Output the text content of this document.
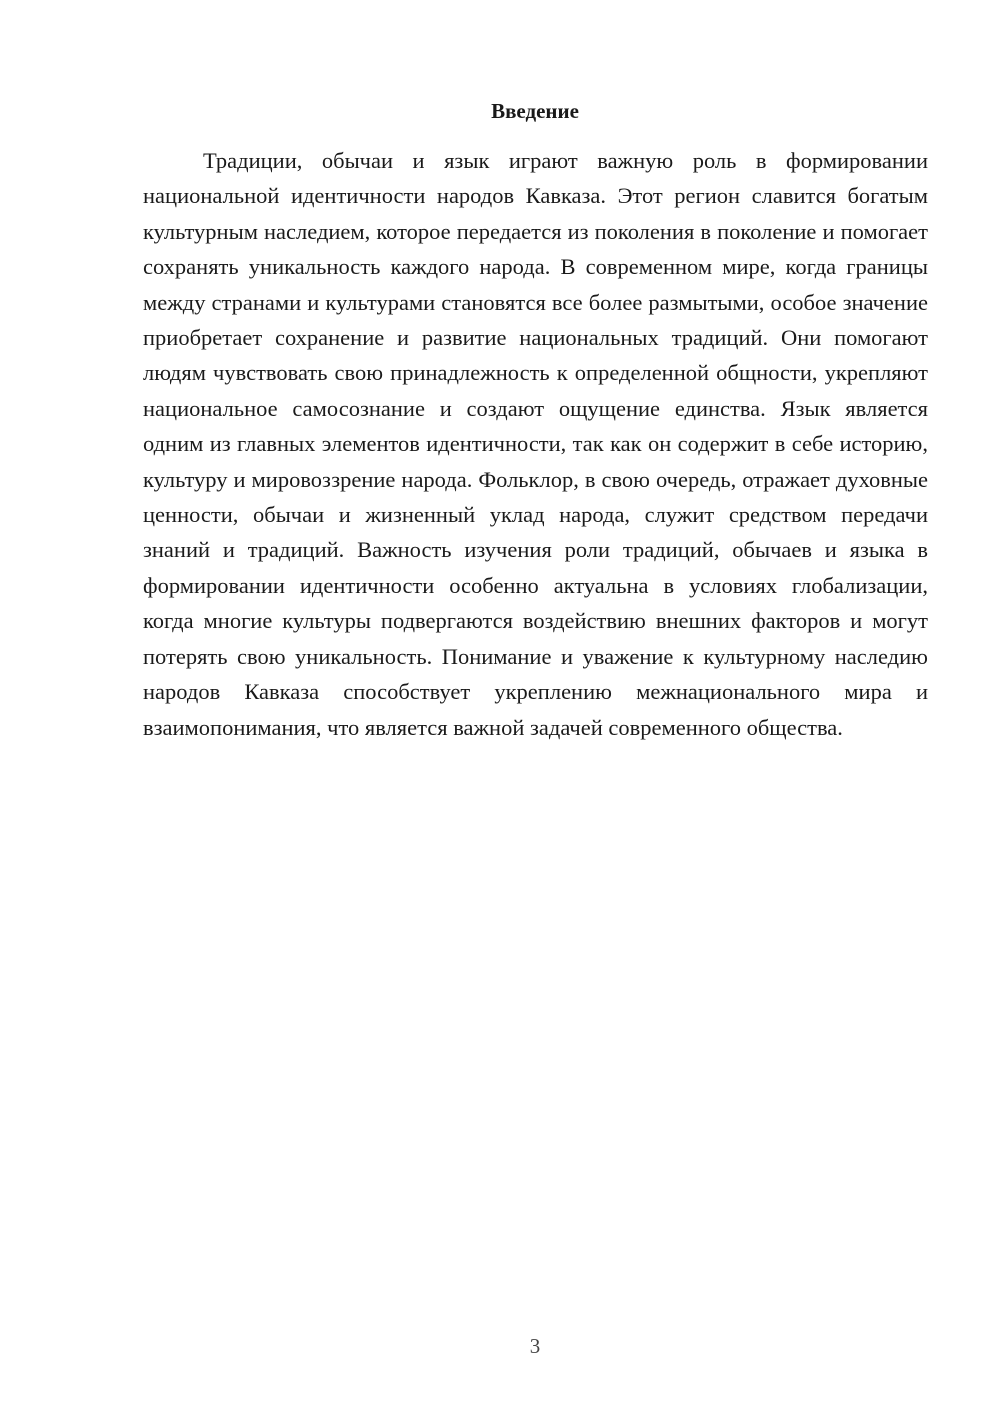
Введение

Традиции, обычаи и язык играют важную роль в формировании национальной идентичности народов Кавказа. Этот регион славится богатым культурным наследием, которое передается из поколения в поколение и помогает сохранять уникальность каждого народа. В современном мире, когда границы между странами и культурами становятся все более размытыми, особое значение приобретает сохранение и развитие национальных традиций. Они помогают людям чувствовать свою принадлежность к определенной общности, укрепляют национальное самосознание и создают ощущение единства. Язык является одним из главных элементов идентичности, так как он содержит в себе историю, культуру и мировоззрение народа. Фольклор, в свою очередь, отражает духовные ценности, обычаи и жизненный уклад народа, служит средством передачи знаний и традиций. Важность изучения роли традиций, обычаев и языка в формировании идентичности особенно актуальна в условиях глобализации, когда многие культуры подвергаются воздействию внешних факторов и могут потерять свою уникальность. Понимание и уважение к культурному наследию народов Кавказа способствует укреплению межнационального мира и взаимопонимания, что является важной задачей современного общества.

3
